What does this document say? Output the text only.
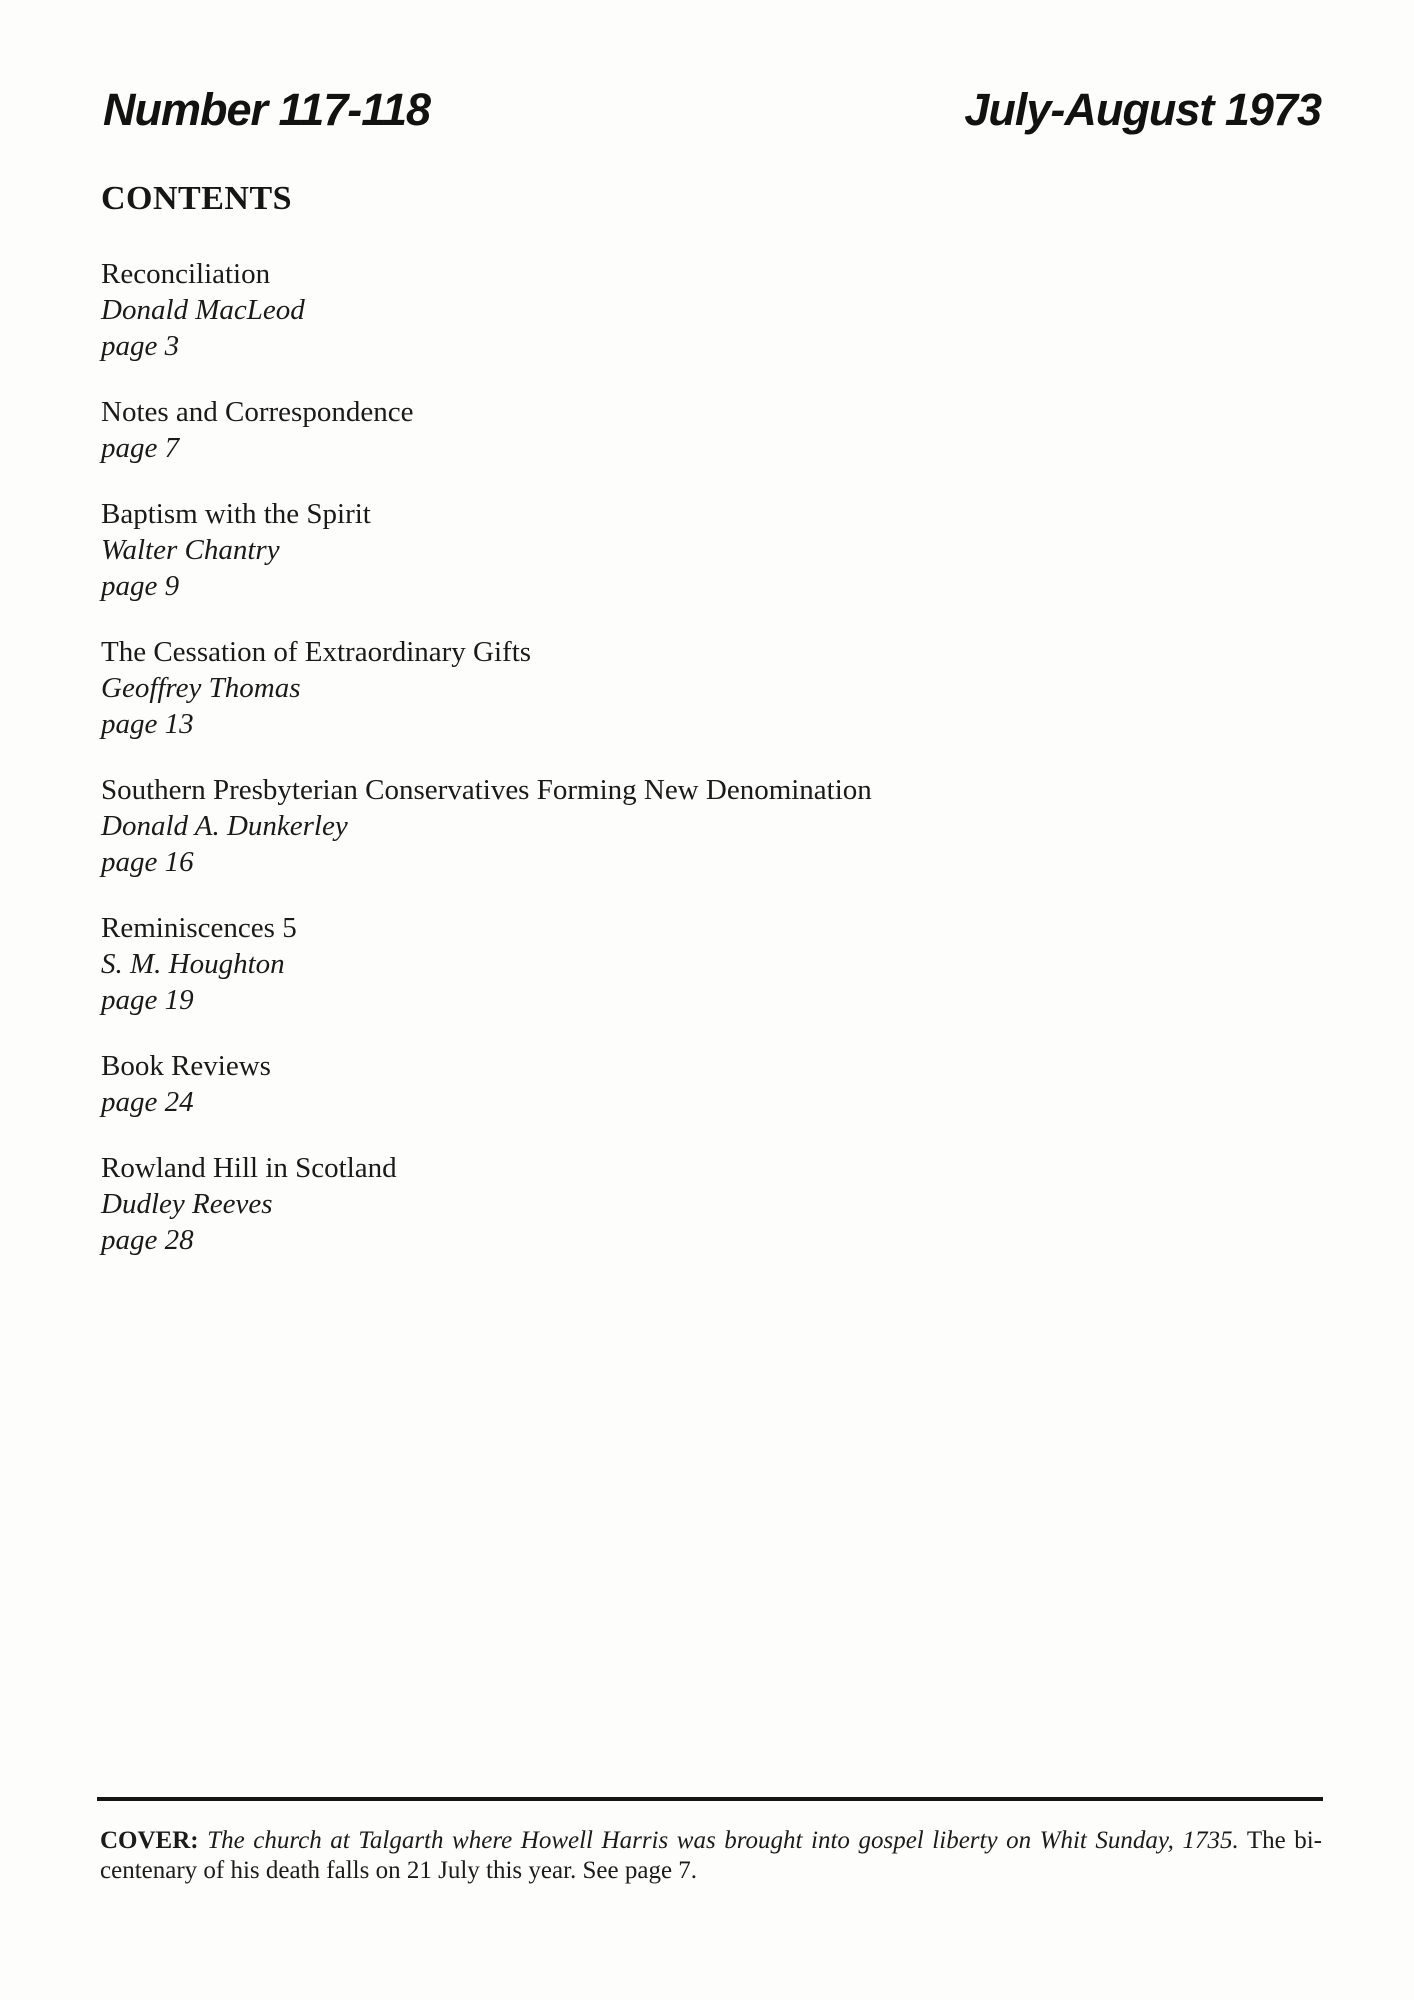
Number 117-118	July-August 1973
CONTENTS
Reconciliation
Donald MacLeod
page 3
Notes and Correspondence
page 7
Baptism with the Spirit
Walter Chantry
page 9
The Cessation of Extraordinary Gifts
Geoffrey Thomas
page 13
Southern Presbyterian Conservatives Forming New Denomination
Donald A. Dunkerley
page 16
Reminiscences 5
S. M. Houghton
page 19
Book Reviews
page 24
Rowland Hill in Scotland
Dudley Reeves
page 28
COVER: The church at Talgarth where Howell Harris was brought into gospel liberty on Whit Sunday, 1735. The bi-centenary of his death falls on 21 July this year. See page 7.
